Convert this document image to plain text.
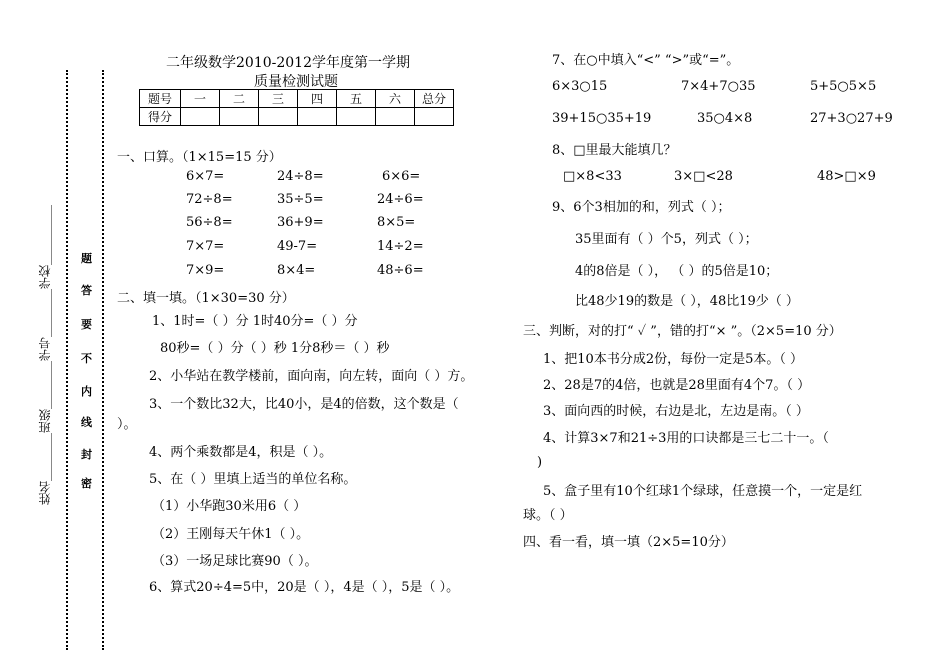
姓名________班级________学号________学校__________	题
答
要
不
内
线
封
密
二年级数学2010-2012学年度第一学期
质量检测试题
题号	一	二	三	四	五	六	总分
得分							
一、口算。（1×15=15 分）
6×7=	24÷8=	6×6=
72÷8=	35÷5=	24÷6=
56÷8=	36+9=	8×5=
7×7=	49-7=	14÷2=
7×9=	8×4=	48÷6=
二、填一填。（1×30=30 分）
1、1时=（ ）分 1时40分=（ ）分
80秒=（ ）分（ ）秒 1分8秒＝（ ）秒
2、小华站在教学楼前，面向南，向左转，面向（ ）方。
3、一个数比32大，比40小，是4的倍数，这个数是（
）。
4、两个乘数都是4，积是（ ）。
5、在（ ）里填上适当的单位名称。
（1）小华跑30米用6（ ）
（2）王刚每天午休1（ ）。
（3）一场足球比赛90（ ）。
6、算式20÷4=5中，20是（ ），4是（ ），5是（ ）。
7、在○中填入“<” “>”或“=”。
6×3○15	7×4+7○35	5+5○5×5
39+15○35+19	35○4×8	27+3○27+9
8、□里最大能填几？
□×8<33	3×□<28	48>□×9
9、6个3相加的和，列式（ ）；
35里面有（ ）个5，列式（ ）；
4的8倍是（ ）， （ ）的5倍是10；
比48少19的数是（ ），48比19少（ ）
三、判断，对的打“ ✓ ”，错的打“× ”。（2×5=10 分）
1、把10本书分成2份，每份一定是5本。（ ）
2、28是7的4倍，也就是28里面有4个7。（ ）
3、面向西的时候，右边是北，左边是南。（ ）
4、计算3×7和21÷3用的口诀都是三七二十一。（
)
5、盒子里有10个红球1个绿球，任意摸一个，一定是红
球。（ ）
四、看一看，填一填（2×5=10分）
